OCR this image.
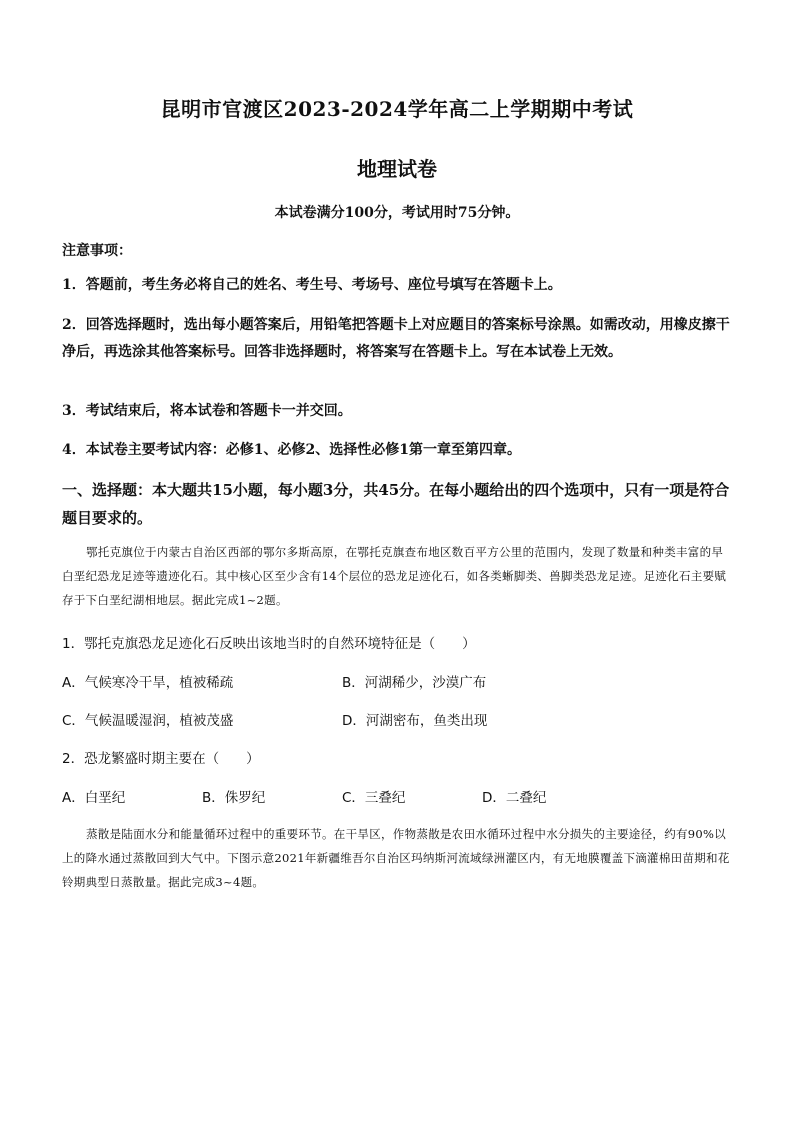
昆明市官渡区2023-2024学年高二上学期期中考试
地理试卷

本试卷满分100分，考试用时75分钟。

注意事项：

1．答题前，考生务必将自己的姓名、考生号、考场号、座位号填写在答题卡上。

2．回答选择题时，选出每小题答案后，用铅笔把答题卡上对应题目的答案标号涂黑。如需改动，用橡皮擦干净后，再选涂其他答案标号。回答非选择题时，将答案写在答题卡上。写在本试卷上无效。

3．考试结束后，将本试卷和答题卡一并交回。

4．本试卷主要考试内容：必修1、必修2、选择性必修1第一章至第四章。

一、选择题：本大题共15小题，每小题3分，共45分。在每小题给出的四个选项中，只有一项是符合题目要求的。

鄂托克旗位于内蒙古自治区西部的鄂尔多斯高原，在鄂托克旗查布地区数百平方公里的范围内，发现了数量和种类丰富的早白垩纪恐龙足迹等遗迹化石。其中核心区至少含有14个层位的恐龙足迹化石，如各类蜥脚类、兽脚类恐龙足迹。足迹化石主要赋存于下白垩纪湖相地层。据此完成1~2题。

1．鄂托克旗恐龙足迹化石反映出该地当时的自然环境特征是（　　）

A．气候寒冷干旱，植被稀疏	B．河湖稀少，沙漠广布

C．气候温暖湿润，植被茂盛	D．河湖密布，鱼类出现

2．恐龙繁盛时期主要在（　　）

A．白垩纪	B．侏罗纪	C．三叠纪	D．二叠纪

蒸散是陆面水分和能量循环过程中的重要环节。在干旱区，作物蒸散是农田水循环过程中水分损失的主要途径，约有90%以上的降水通过蒸散回到大气中。下图示意2021年新疆维吾尔自治区玛纳斯河流域绿洲灌区内，有无地膜覆盖下滴灌棉田苗期和花铃期典型日蒸散量。据此完成3~4题。
